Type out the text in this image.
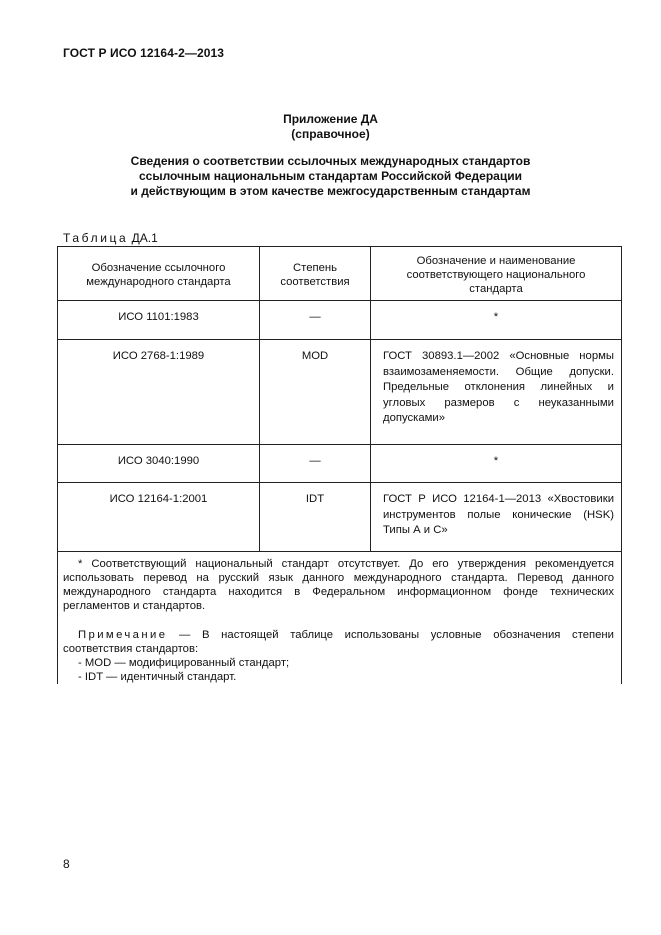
ГОСТ Р ИСО 12164-2—2013
Приложение ДА
(справочное)
Сведения о соответствии ссылочных международных стандартов
ссылочным национальным стандартам Российской Федерации
и действующим в этом качестве межгосударственным стандартам
Таблица ДА.1
Обозначение ссылочного международного стандарта	Степень соответствия	Обозначение и наименование соответствующего национального стандарта

ИСО 1101:1983	—	*
ИСО 2768-1:1989	MOD	ГОСТ 30893.1—2002 «Основные нормы взаимозаменяемости. Общие допуски. Предельные отклонения линейных и угловых размеров с неуказанными допусками»
ИСО 3040:1990	—	*
ИСО 12164-1:2001	IDT	ГОСТ Р ИСО 12164-1—2013 «Хвостовики инструментов полые конические (HSK) Типы А и С»

* Соответствующий национальный стандарт отсутствует. До его утверждения рекомендуется использовать перевод на русский язык данного международного стандарта. Перевод данного международного стандарта находится в Федеральном информационном фонде технических регламентов и стандартов.

Примечание — В настоящей таблице использованы условные обозначения степени соответствия стандартов:

- MOD — модифицированный стандарт;

- IDT — идентичный стандарт.		

8
